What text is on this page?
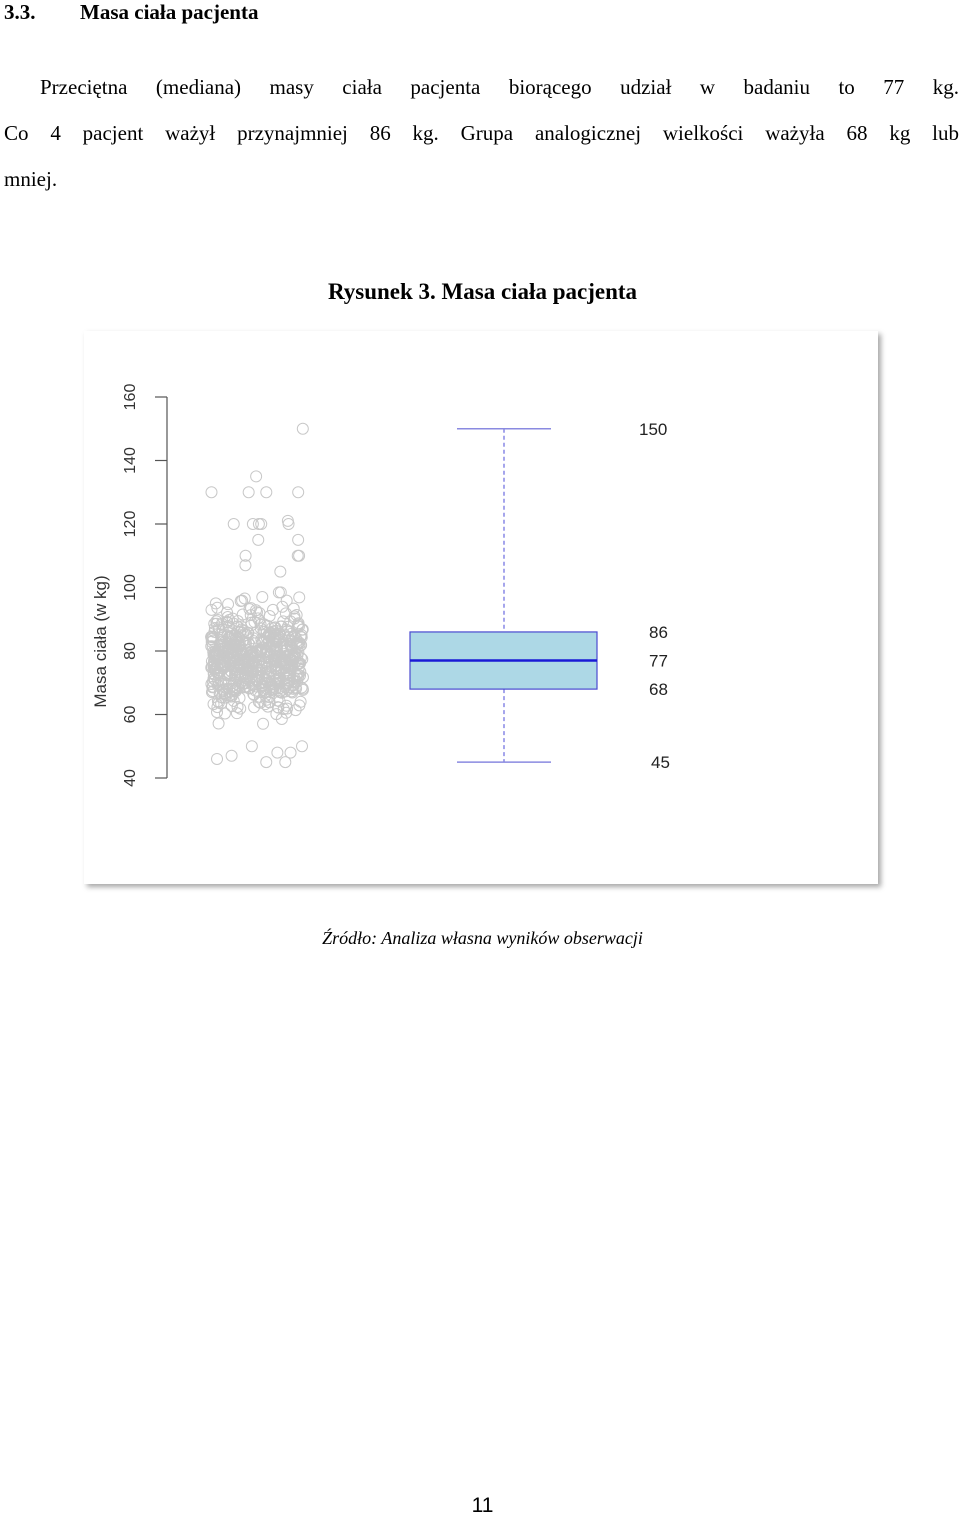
3.3. Masa ciała pacjenta
Przeciętna (mediana) masy ciała pacjenta biorącego udział w badaniu to 77 kg.
Co 4 pacjent ważył przynajmniej 86 kg. Grupa analogicznej wielkości ważyła 68 kg lub
mniej.
Rysunek 3. Masa ciała pacjenta
40
60
80
100
120
140
160
Masa ciała (w kg)
150
86
77
68
45
Źródło: Analiza własna wyników obserwacji
11
